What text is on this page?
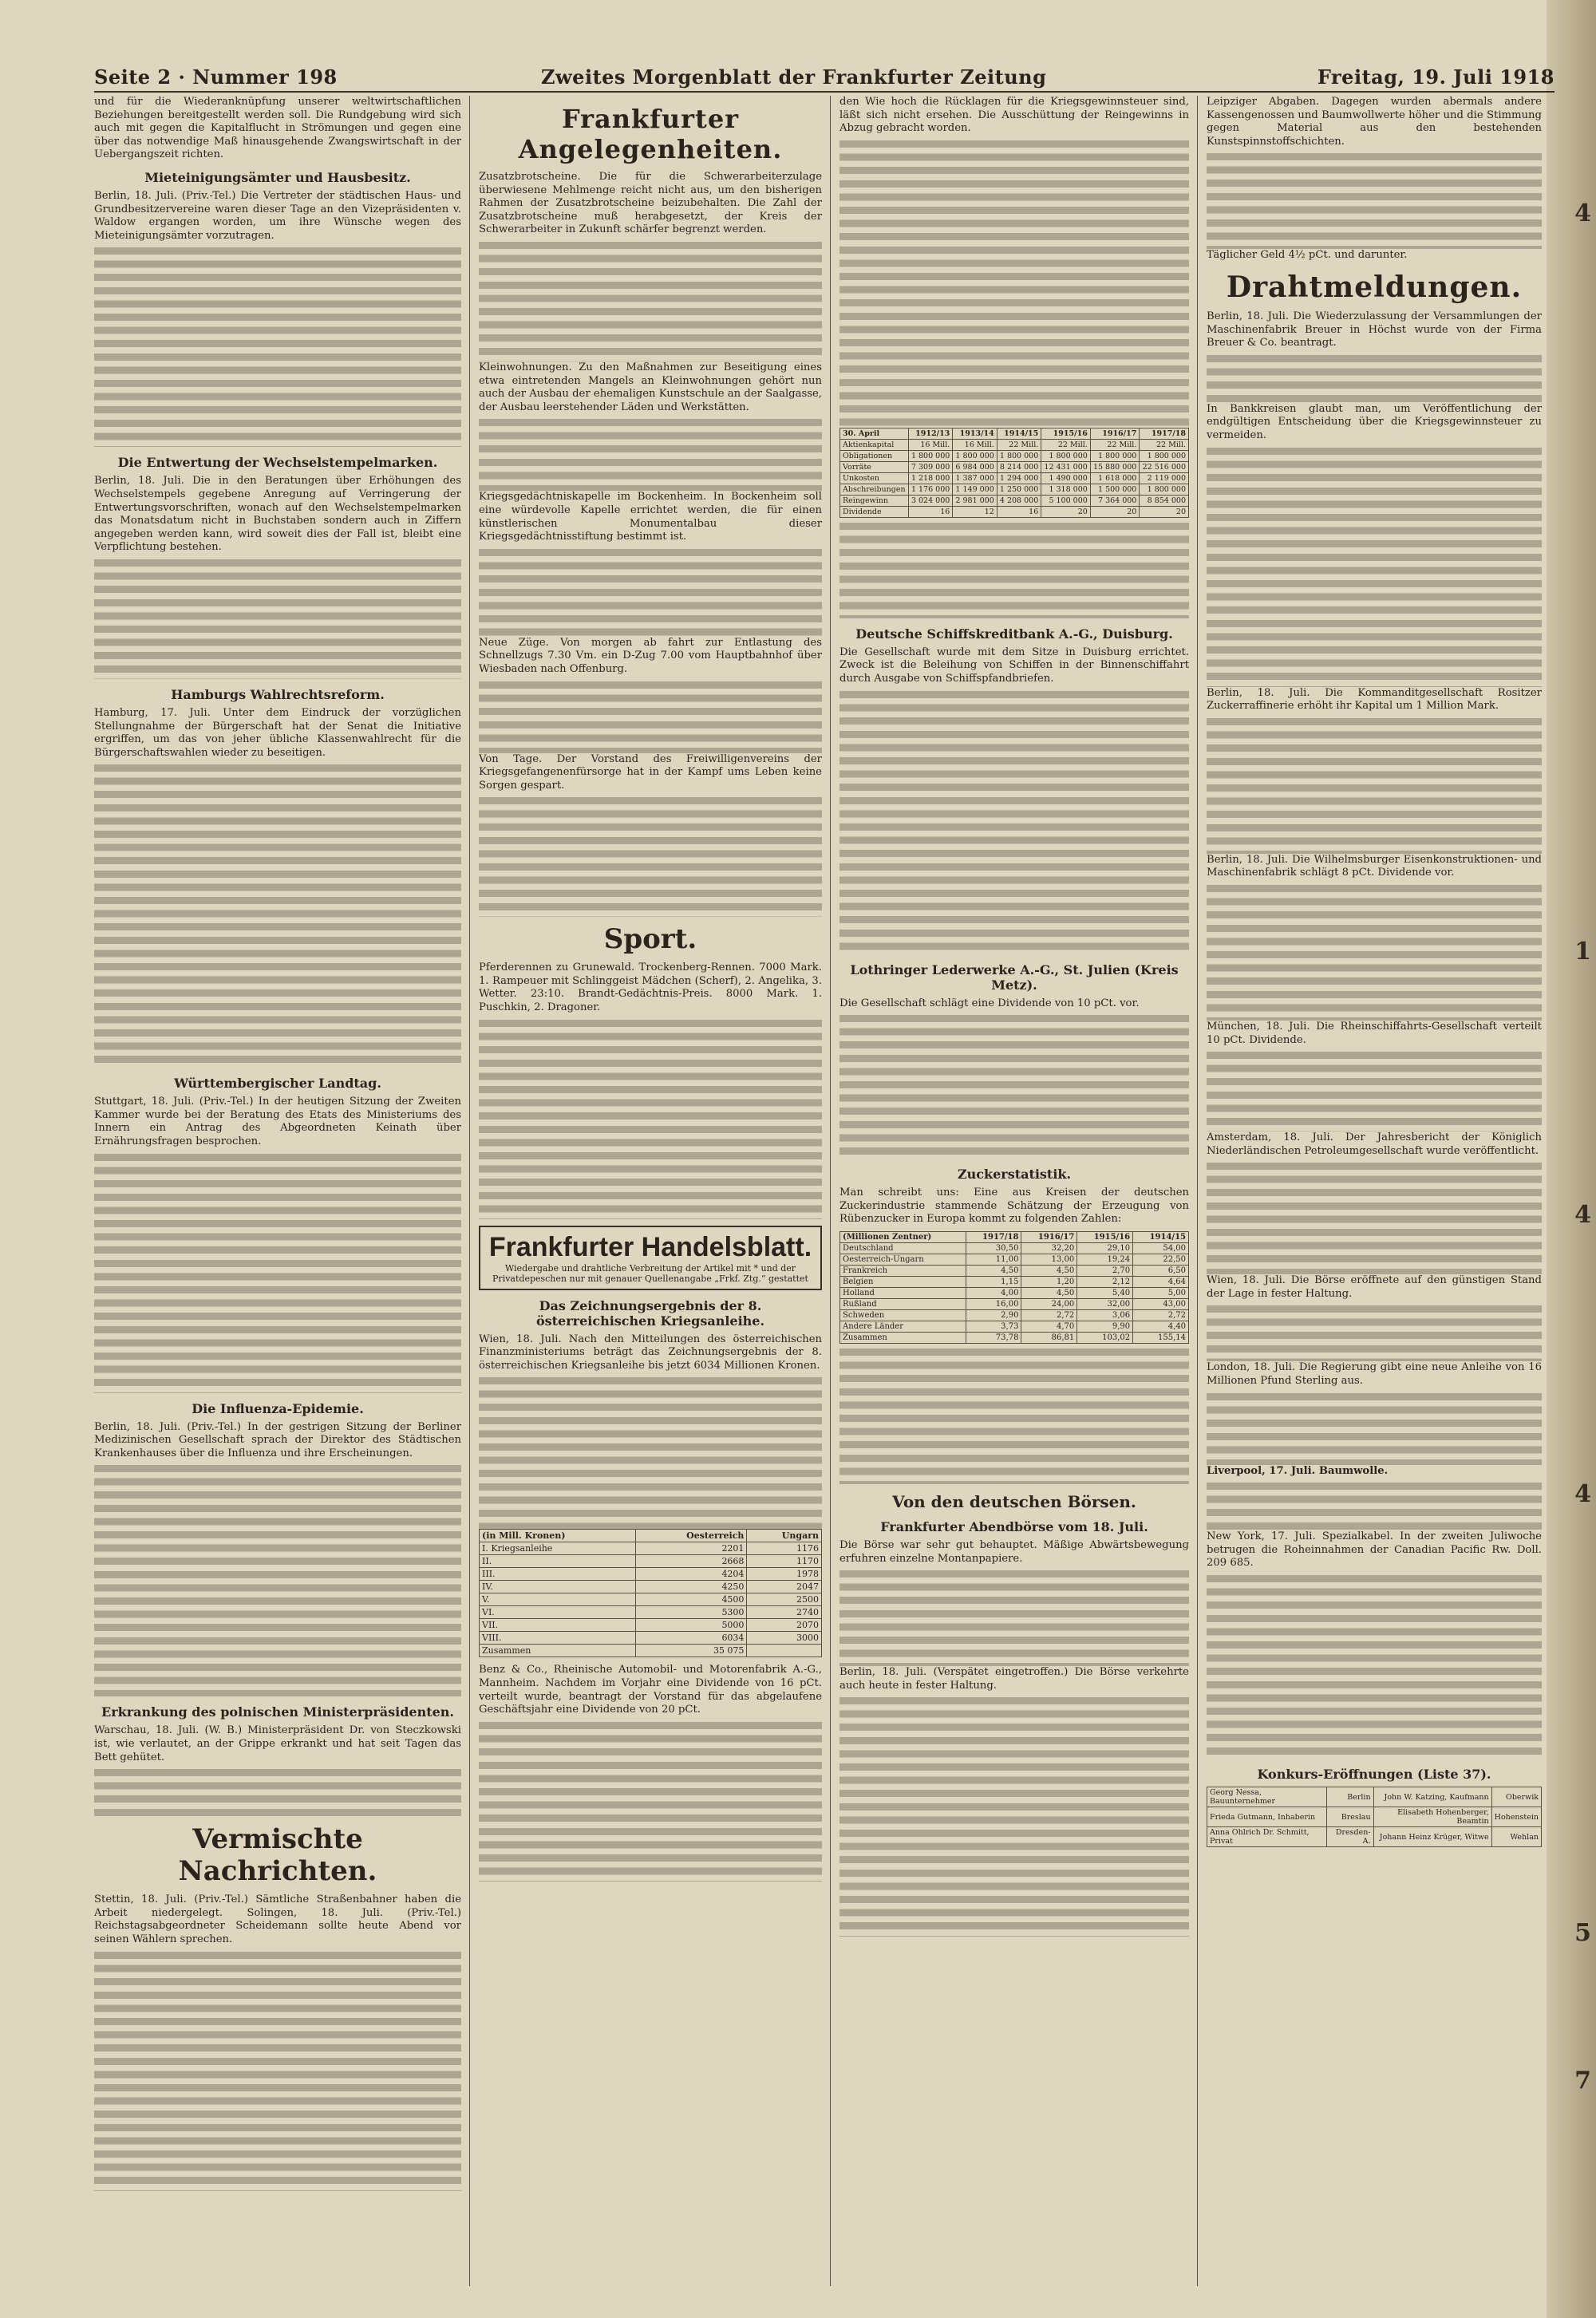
4
1
4
4
5
7
Seite 2 · Nummer 198	Zweites Morgenblatt der Frankfurter Zeitung	Freitag, 19. Juli 1918

und für die Wiederanknüpfung unserer weltwirtschaftlichen Beziehungen bereitgestellt werden soll. Die Rundgebung wird sich auch mit gegen die Kapitalflucht in Strömungen und gegen eine über das notwendige Maß hinausgehende Zwangswirtschaft in der Uebergangszeit richten.

Mieteinigungsämter und Hausbesitz.

Berlin, 18. Juli. (Priv.-Tel.) Die Vertreter der städtischen Haus- und Grundbesitzervereine waren dieser Tage an den Vizepräsidenten v. Waldow ergangen worden, um ihre Wünsche wegen des Mieteinigungsämter vorzutragen.

Die Entwertung der Wechselstempelmarken.

Berlin, 18. Juli. Die in den Beratungen über Erhöhungen des Wechselstempels gegebene Anregung auf Verringerung der Entwertungsvorschriften, wonach auf den Wechselstempelmarken das Monatsdatum nicht in Buchstaben sondern auch in Ziffern angegeben werden kann, wird soweit dies der Fall ist, bleibt eine Verpflichtung bestehen.

Hamburgs Wahlrechtsreform.

Hamburg, 17. Juli. Unter dem Eindruck der vorzüglichen Stellungnahme der Bürgerschaft hat der Senat die Initiative ergriffen, um das von jeher übliche Klassenwahlrecht für die Bürgerschaftswahlen wieder zu beseitigen.

Württembergischer Landtag.

Stuttgart, 18. Juli. (Priv.-Tel.) In der heutigen Sitzung der Zweiten Kammer wurde bei der Beratung des Etats des Ministeriums des Innern ein Antrag des Abgeordneten Keinath über Ernährungsfragen besprochen.

Die Influenza-Epidemie.

Berlin, 18. Juli. (Priv.-Tel.) In der gestrigen Sitzung der Berliner Medizinischen Gesellschaft sprach der Direktor des Städtischen Krankenhauses über die Influenza und ihre Erscheinungen.

Erkrankung des polnischen Ministerpräsidenten.

Warschau, 18. Juli. (W. B.) Ministerpräsident Dr. von Steczkowski ist, wie verlautet, an der Grippe erkrankt und hat seit Tagen das Bett gehütet.

Vermischte Nachrichten.

Stettin, 18. Juli. (Priv.-Tel.) Sämtliche Straßenbahner haben die Arbeit niedergelegt. Solingen, 18. Juli. (Priv.-Tel.) Reichstagsabgeordneter Scheidemann sollte heute Abend vor seinen Wählern sprechen.

Frankfurter Angelegenheiten.

Zusatzbrotscheine. Die für die Schwerarbeiterzulage überwiesene Mehlmenge reicht nicht aus, um den bisherigen Rahmen der Zusatzbrotscheine beizubehalten. Die Zahl der Zusatzbrotscheine muß herabgesetzt, der Kreis der Schwerarbeiter in Zukunft schärfer begrenzt werden.

Kleinwohnungen. Zu den Maßnahmen zur Beseitigung eines etwa eintretenden Mangels an Kleinwohnungen gehört nun auch der Ausbau der ehemaligen Kunstschule an der Saalgasse, der Ausbau leerstehender Läden und Werkstätten.

Kriegsgedächtniskapelle im Bockenheim. In Bockenheim soll eine würdevolle Kapelle errichtet werden, die für einen künstlerischen Monumentalbau dieser Kriegsgedächtnisstiftung bestimmt ist.

Neue Züge. Von morgen ab fahrt zur Entlastung des Schnellzugs 7.30 Vm. ein D-Zug 7.00 vom Hauptbahnhof über Wiesbaden nach Offenburg.

Von Tage. Der Vorstand des Freiwilligenvereins der Kriegsgefangenenfürsorge hat in der Kampf ums Leben keine Sorgen gespart.

Sport.

Pferderennen zu Grunewald. Trockenberg-Rennen. 7000 Mark. 1. Rampeuer mit Schlinggeist Mädchen (Scherf), 2. Angelika, 3. Wetter. 23:10. Brandt-Gedächtnis-Preis. 8000 Mark. 1. Puschkin, 2. Dragoner.

Frankfurter Handelsblatt.
Wiedergabe und drahtliche Verbreitung der Artikel mit * und der Privatdepeschen nur mit genauer Quellenangabe „Frkf. Ztg.“ gestattet
Das Zeichnungsergebnis der 8. österreichischen Kriegsanleihe.

Wien, 18. Juli. Nach den Mitteilungen des österreichischen Finanzministeriums beträgt das Zeichnungsergebnis der 8. österreichischen Kriegsanleihe bis jetzt 6034 Millionen Kronen.

(in Mill. Kronen)	Oesterreich	Ungarn
I. Kriegsanleihe	2201	1176
II.	2668	1170
III.	4204	1978
IV.	4250	2047
V.	4500	2500
VI.	5300	2740
VII.	5000	2070
VIII.	6034	3000
Zusammen	35 075	

Benz & Co., Rheinische Automobil- und Motorenfabrik A.-G., Mannheim. Nachdem im Vorjahr eine Dividende von 16 pCt. verteilt wurde, beantragt der Vorstand für das abgelaufene Geschäftsjahr eine Dividende von 20 pCt.

den Wie hoch die Rücklagen für die Kriegsgewinnsteuer sind, läßt sich nicht ersehen. Die Ausschüttung der Reingewinns in Abzug gebracht worden.

30. April	1912/13	1913/14	1914/15	1915/16	1916/17	1917/18
Aktienkapital	16 Mill.	16 Mill.	22 Mill.	22 Mill.	22 Mill.	22 Mill.
Obligationen	1 800 000	1 800 000	1 800 000	1 800 000	1 800 000	1 800 000
Vorräte	7 309 000	6 984 000	8 214 000	12 431 000	15 880 000	22 516 000
Unkosten	1 218 000	1 387 000	1 294 000	1 490 000	1 618 000	2 119 000
Abschreibungen	1 176 000	1 149 000	1 250 000	1 318 000	1 500 000	1 800 000
Reingewinn	3 024 000	2 981 000	4 208 000	5 100 000	7 364 000	8 854 000
Dividende	16	12	16	20	20	20
Deutsche Schiffskreditbank A.-G., Duisburg.

Die Gesellschaft wurde mit dem Sitze in Duisburg errichtet. Zweck ist die Beleihung von Schiffen in der Binnenschiffahrt durch Ausgabe von Schiffspfandbriefen.

Lothringer Lederwerke A.-G., St. Julien (Kreis Metz).

Die Gesellschaft schlägt eine Dividende von 10 pCt. vor.

Zuckerstatistik.

Man schreibt uns: Eine aus Kreisen der deutschen Zuckerindustrie stammende Schätzung der Erzeugung von Rübenzucker in Europa kommt zu folgenden Zahlen:

(Millionen Zentner)	1917/18	1916/17	1915/16	1914/15
Deutschland	30,50	32,20	29,10	54,00
Oesterreich-Ungarn	11,00	13,00	19,24	22,50
Frankreich	4,50	4,50	2,70	6,50
Belgien	1,15	1,20	2,12	4,64
Holland	4,00	4,50	5,40	5,00
Rußland	16,00	24,00	32,00	43,00
Schweden	2,90	2,72	3,06	2,72
Andere Länder	3,73	4,70	9,90	4,40
Zusammen	73,78	86,81	103,02	155,14
Von den deutschen Börsen.
Frankfurter Abendbörse vom 18. Juli.

Die Börse war sehr gut behauptet. Mäßige Abwärtsbewegung erfuhren einzelne Montanpapiere.

Berlin, 18. Juli. (Verspätet eingetroffen.) Die Börse verkehrte auch heute in fester Haltung.

Leipziger Abgaben. Dagegen wurden abermals andere Kassengenossen und Baumwollwerte höher und die Stimmung gegen Material aus den bestehenden Kunstspinnstoffschichten.

Täglicher Geld 4½ pCt. und darunter.

Drahtmeldungen.

Berlin, 18. Juli. Die Wiederzulassung der Versammlungen der Maschinenfabrik Breuer in Höchst wurde von der Firma Breuer & Co. beantragt.

In Bankkreisen glaubt man, um Veröffentlichung der endgültigen Entscheidung über die Kriegsgewinnsteuer zu vermeiden.

Berlin, 18. Juli. Die Kommanditgesellschaft Rositzer Zuckerraffinerie erhöht ihr Kapital um 1 Million Mark.

Berlin, 18. Juli. Die Wilhelmsburger Eisenkonstruktionen- und Maschinenfabrik schlägt 8 pCt. Dividende vor.

München, 18. Juli. Die Rheinschiffahrts-Gesellschaft verteilt 10 pCt. Dividende.

Amsterdam, 18. Juli. Der Jahresbericht der Königlich Niederländischen Petroleumgesellschaft wurde veröffentlicht.

Wien, 18. Juli. Die Börse eröffnete auf den günstigen Stand der Lage in fester Haltung.

London, 18. Juli. Die Regierung gibt eine neue Anleihe von 16 Millionen Pfund Sterling aus.

Liverpool, 17. Juli. Baumwolle.

New York, 17. Juli. Spezialkabel. In der zweiten Juliwoche betrugen die Roheinnahmen der Canadian Pacific Rw. Doll. 209 685.

Konkurs-Eröffnungen (Liste 37).
Georg Nessa, Bauunternehmer	Berlin	John W. Katzing, Kaufmann	Oberwik
Frieda Gutmann, Inhaberin	Breslau	Elisabeth Hohenberger, Beamtin	Hohenstein
Anna Ohlrich Dr. Schmitt, Privat	Dresden-A.	Johann Heinz Krüger, Witwe	Wehlan
